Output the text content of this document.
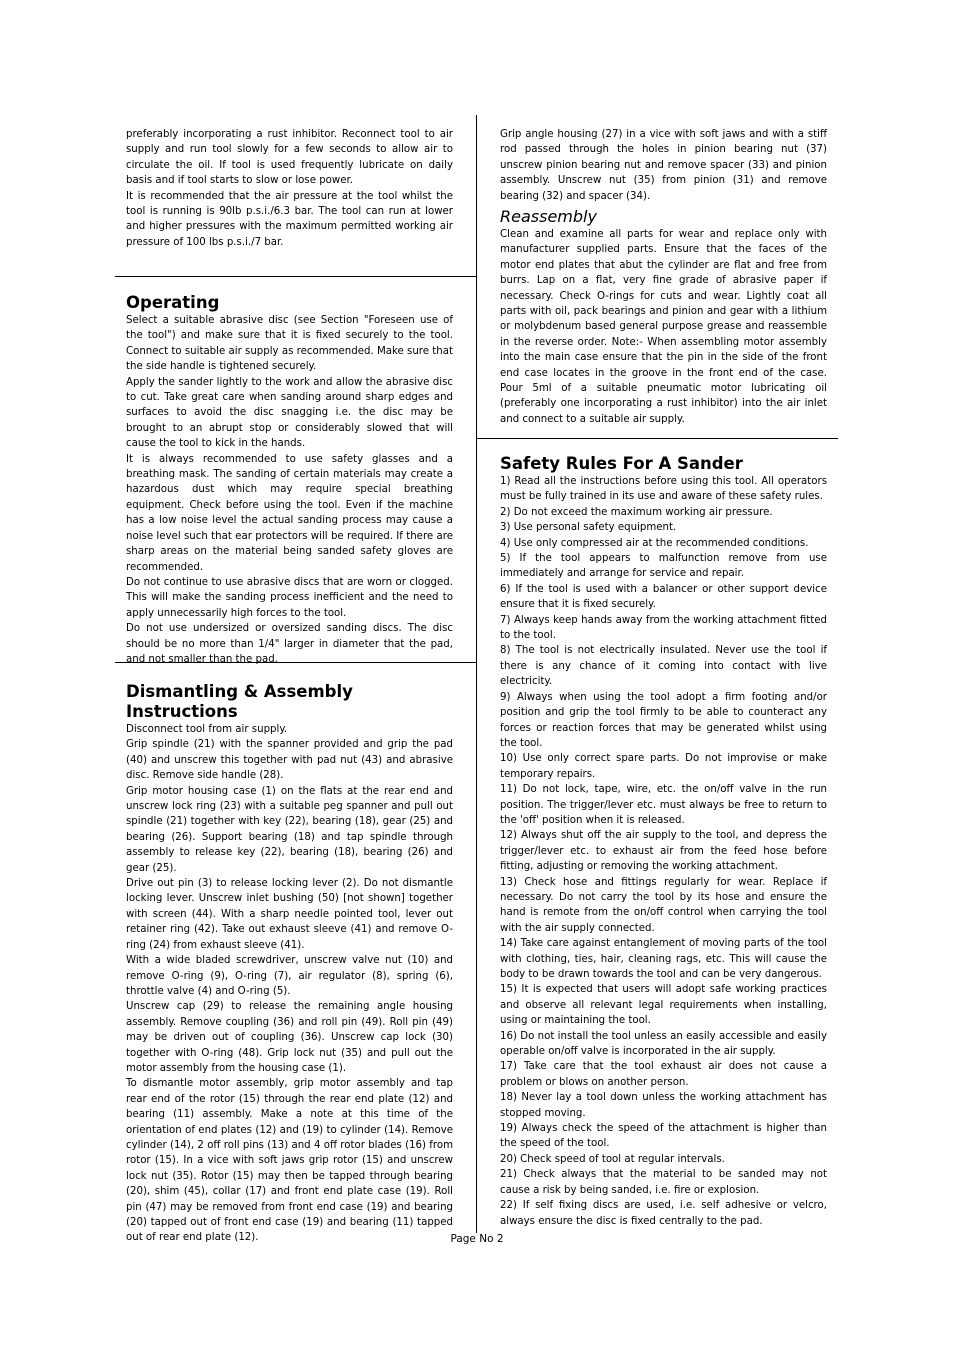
preferably incorporating a rust inhibitor. Reconnect tool to air supply and run tool slowly for a few seconds to allow air to circulate the oil. If tool is used frequently lubricate on daily basis and if tool starts to slow or lose power.

It is recommended that the air pressure at the tool whilst the tool is running is 90lb p.s.i./6.3 bar. The tool can run at lower and higher pressures with the maximum permitted working air pressure of 100 lbs p.s.i./7 bar.

Operating

Select a suitable abrasive disc (see Section "Foreseen use of the tool") and make sure that it is fixed securely to the tool. Connect to suitable air supply as recommended. Make sure that the side handle is tightened securely.

Apply the sander lightly to the work and allow the abrasive disc to cut. Take great care when sanding around sharp edges and surfaces to avoid the disc snagging i.e. the disc may be brought to an abrupt stop or considerably slowed that will cause the tool to kick in the hands.

It is always recommended to use safety glasses and a breathing mask. The sanding of certain materials may create a hazardous dust which may require special breathing equipment. Check before using the tool. Even if the machine has a low noise level the actual sanding process may cause a noise level such that ear protectors will be required. If there are sharp areas on the material being sanded safety gloves are recommended.

Do not continue to use abrasive discs that are worn or clogged. This will make the sanding process inefficient and the need to apply unnecessarily high forces to the tool.

Do not use undersized or oversized sanding discs. The disc should be no more than 1/4" larger in diameter that the pad, and not smaller than the pad.

Dismantling & Assembly Instructions

Disconnect tool from air supply.

Grip spindle (21) with the spanner provided and grip the pad (40) and unscrew this together with pad nut (43) and abrasive disc. Remove side handle (28).

Grip motor housing case (1) on the flats at the rear end and unscrew lock ring (23) with a suitable peg spanner and pull out spindle (21) together with key (22), bearing (18), gear (25) and bearing (26). Support bearing (18) and tap spindle through assembly to release key (22), bearing (18), bearing (26) and gear (25).

Drive out pin (3) to release locking lever (2). Do not dismantle locking lever. Unscrew inlet bushing (50) [not shown] together with screen (44). With a sharp needle pointed tool, lever out retainer ring (42). Take out exhaust sleeve (41) and remove O-ring (24) from exhaust sleeve (41).

With a wide bladed screwdriver, unscrew valve nut (10) and remove O-ring (9), O-ring (7), air regulator (8), spring (6), throttle valve (4) and O-ring (5).

Unscrew cap (29) to release the remaining angle housing assembly. Remove coupling (36) and roll pin (49). Roll pin (49) may be driven out of coupling (36). Unscrew cap lock (30) together with O-ring (48). Grip lock nut (35) and pull out the motor assembly from the housing case (1).

To dismantle motor assembly, grip motor assembly and tap rear end of the rotor (15) through the rear end plate (12) and bearing (11) assembly. Make a note at this time of the orientation of end plates (12) and (19) to cylinder (14). Remove cylinder (14), 2 off roll pins (13) and 4 off rotor blades (16) from rotor (15). In a vice with soft jaws grip rotor (15) and unscrew lock nut (35). Rotor (15) may then be tapped through bearing (20), shim (45), collar (17) and front end plate case (19). Roll pin (47) may be removed from front end case (19) and bearing (20) tapped out of front end case (19) and bearing (11) tapped out of rear end plate (12).

Grip angle housing (27) in a vice with soft jaws and with a stiff rod passed through the holes in pinion bearing nut (37) unscrew pinion bearing nut and remove spacer (33) and pinion assembly. Unscrew nut (35) from pinion (31) and remove bearing (32) and spacer (34).

Reassembly

Clean and examine all parts for wear and replace only with manufacturer supplied parts. Ensure that the faces of the motor end plates that abut the cylinder are flat and free from burrs. Lap on a flat, very fine grade of abrasive paper if necessary. Check O-rings for cuts and wear. Lightly coat all parts with oil, pack bearings and pinion and gear with a lithium or molybdenum based general purpose grease and reassemble in the reverse order. Note:- When assembling motor assembly into the main case ensure that the pin in the side of the front end case locates in the groove in the front end of the case. Pour 5ml of a suitable pneumatic motor lubricating oil (preferably one incorporating a rust inhibitor) into the air inlet and connect to a suitable air supply.

Safety Rules For A Sander

1) Read all the instructions before using this tool. All operators must be fully trained in its use and aware of these safety rules.

2) Do not exceed the maximum working air pressure.

3) Use personal safety equipment.

4) Use only compressed air at the recommended conditions.

5) If the tool appears to malfunction remove from use immediately and arrange for service and repair.

6) If the tool is used with a balancer or other support device ensure that it is fixed securely.

7) Always keep hands away from the working attachment fitted to the tool.

8) The tool is not electrically insulated. Never use the tool if there is any chance of it coming into contact with live electricity.

9) Always when using the tool adopt a firm footing and/or position and grip the tool firmly to be able to counteract any forces or reaction forces that may be generated whilst using the tool.

10) Use only correct spare parts. Do not improvise or make temporary repairs.

11) Do not lock, tape, wire, etc. the on/off valve in the run position. The trigger/lever etc. must always be free to return to the 'off' position when it is released.

12) Always shut off the air supply to the tool, and depress the trigger/lever etc. to exhaust air from the feed hose before fitting, adjusting or removing the working attachment.

13) Check hose and fittings regularly for wear. Replace if necessary. Do not carry the tool by its hose and ensure the hand is remote from the on/off control when carrying the tool with the air supply connected.

14) Take care against entanglement of moving parts of the tool with clothing, ties, hair, cleaning rags, etc. This will cause the body to be drawn towards the tool and can be very dangerous.

15) It is expected that users will adopt safe working practices and observe all relevant legal requirements when installing, using or maintaining the tool.

16) Do not install the tool unless an easily accessible and easily operable on/off valve is incorporated in the air supply.

17) Take care that the tool exhaust air does not cause a problem or blows on another person.

18) Never lay a tool down unless the working attachment has stopped moving.

19) Always check the speed of the attachment is higher than the speed of the tool.

20) Check speed of tool at regular intervals.

21) Check always that the material to be sanded may not cause a risk by being sanded, i.e. fire or explosion.

22) If self fixing discs are used, i.e. self adhesive or velcro, always ensure the disc is fixed centrally to the pad.

Page No 2
